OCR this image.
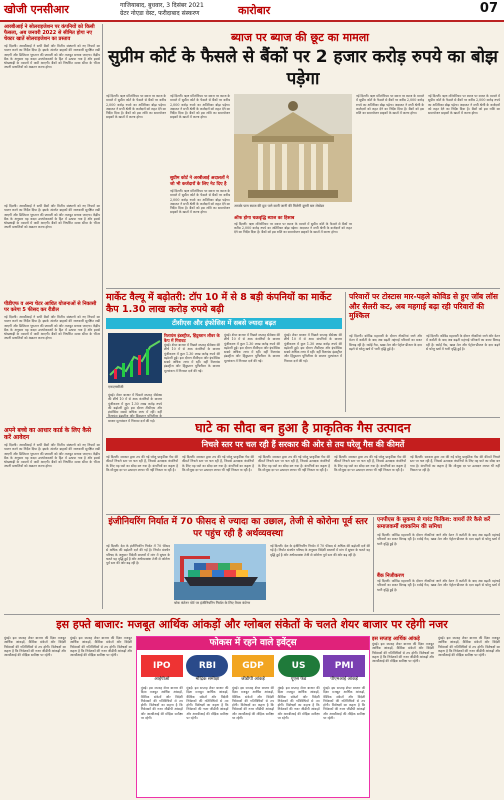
खोजी एनसीआर	गाजियाबाद, बुधवार, 3 दिसंबर 2021
ग्रेटर नोएडा वेस्ट, फरीदाबाद संस्करण	कारोबार	07
आरबीआई ने सोलराइजेशन पर कंपनियों को किसी फैसला, अब जनवरी 2022 से सीमित होगा नए चेक्टर खातें सोलराइजेशन का प्रस्ताव
नई दिल्ली। आरबीआई ने सभी बैंकों और वित्तीय संस्थानों को नए नियमों का पालन करने का निर्देश दिया है। इसके अंतर्गत ग्राहकों की जानकारी सुरक्षित रखी जाएगी और डिजिटल भुगतान की प्रणाली को और मजबूत बनाया जाएगा। केंद्रीय बैंक के अनुसार यह कदम उपभोक्ताओं के हित में उठाया गया है और इससे धोखाधड़ी के मामलों में कमी आएगी। बैंकों को निर्धारित समय सीमा के भीतर अपनी प्रणालियों को अद्यतन करना होगा।
नई दिल्ली। आरबीआई ने सभी बैंकों और वित्तीय संस्थानों को नए नियमों का पालन करने का निर्देश दिया है। इसके अंतर्गत ग्राहकों की जानकारी सुरक्षित रखी जाएगी और डिजिटल भुगतान की प्रणाली को और मजबूत बनाया जाएगा। केंद्रीय बैंक के अनुसार यह कदम उपभोक्ताओं के हित में उठाया गया है और इससे धोखाधड़ी के मामलों में कमी आएगी। बैंकों को निर्धारित समय सीमा के भीतर अपनी प्रणालियों को अद्यतन करना होगा।
पीडीएफ व अन्य चेटर आधित योजनाओं से निकासी पर करेगा 5 फीसद कर रीडील
नई दिल्ली। आरबीआई ने सभी बैंकों और वित्तीय संस्थानों को नए नियमों का पालन करने का निर्देश दिया है। इसके अंतर्गत ग्राहकों की जानकारी सुरक्षित रखी जाएगी और डिजिटल भुगतान की प्रणाली को और मजबूत बनाया जाएगा। केंद्रीय बैंक के अनुसार यह कदम उपभोक्ताओं के हित में उठाया गया है और इससे धोखाधड़ी के मामलों में कमी आएगी। बैंकों को निर्धारित समय सीमा के भीतर अपनी प्रणालियों को अद्यतन करना होगा।
अपने बच्चे का आधार कार्ड के लिए कैसे करें आवेदन
नई दिल्ली। आरबीआई ने सभी बैंकों और वित्तीय संस्थानों को नए नियमों का पालन करने का निर्देश दिया है। इसके अंतर्गत ग्राहकों की जानकारी सुरक्षित रखी जाएगी और डिजिटल भुगतान की प्रणाली को और मजबूत बनाया जाएगा। केंद्रीय बैंक के अनुसार यह कदम उपभोक्ताओं के हित में उठाया गया है और इससे धोखाधड़ी के मामलों में कमी आएगी। बैंकों को निर्धारित समय सीमा के भीतर अपनी प्रणालियों को अद्यतन करना होगा।
ब्याज पर ब्याज की छूट का मामला
सुप्रीम कोर्ट के फैसले से बैंकों पर 2 हजार करोड़ रुपये का बोझ पड़ेगा
नई दिल्ली। ऋण मोरेटोरियम पर ब्याज पर ब्याज के मामले में सुप्रीम कोर्ट के फैसले से बैंकों पर करीब 2,000 करोड़ रुपये का अतिरिक्त बोझ पड़ेगा। अदालत ने सभी श्रेणी के कर्जदारों को राहत देने का निर्देश दिया है। बैंकों को इस राशि का समायोजन ग्राहकों के खातों में करना होगा।
नई दिल्ली। ऋण मोरेटोरियम पर ब्याज पर ब्याज के मामले में सुप्रीम कोर्ट के फैसले से बैंकों पर करीब 2,000 करोड़ रुपये का अतिरिक्त बोझ पड़ेगा। अदालत ने सभी श्रेणी के कर्जदारों को राहत देने का निर्देश दिया है। बैंकों को इस राशि का समायोजन ग्राहकों के खातों में करना होगा।
सुप्रीम कोर्ट ने अरबीआई अदालतों ने जो भी कर्जदारों के लिए नेट दिए है
नई दिल्ली। ऋण मोरेटोरियम पर ब्याज पर ब्याज के मामले में सुप्रीम कोर्ट के फैसले से बैंकों पर करीब 2,000 करोड़ रुपये का अतिरिक्त बोझ पड़ेगा। अदालत ने सभी श्रेणी के कर्जदारों को राहत देने का निर्देश दिया है। बैंकों को इस राशि का समायोजन ग्राहकों के खातों में करना होगा।
आपके पास ब्याज की छूट पाने वाली जानी की मिलेगी दूसरी बार लेबोडर
ऑफ होगा चक्रवृद्धि ब्याज का हिसाब
नई दिल्ली। ऋण मोरेटोरियम पर ब्याज पर ब्याज के मामले में सुप्रीम कोर्ट के फैसले से बैंकों पर करीब 2,000 करोड़ रुपये का अतिरिक्त बोझ पड़ेगा। अदालत ने सभी श्रेणी के कर्जदारों को राहत देने का निर्देश दिया है। बैंकों को इस राशि का समायोजन ग्राहकों के खातों में करना होगा।
नई दिल्ली। ऋण मोरेटोरियम पर ब्याज पर ब्याज के मामले में सुप्रीम कोर्ट के फैसले से बैंकों पर करीब 2,000 करोड़ रुपये का अतिरिक्त बोझ पड़ेगा। अदालत ने सभी श्रेणी के कर्जदारों को राहत देने का निर्देश दिया है। बैंकों को इस राशि का समायोजन ग्राहकों के खातों में करना होगा।
नई दिल्ली। ऋण मोरेटोरियम पर ब्याज पर ब्याज के मामले में सुप्रीम कोर्ट के फैसले से बैंकों पर करीब 2,000 करोड़ रुपये का अतिरिक्त बोझ पड़ेगा। अदालत ने सभी श्रेणी के कर्जदारों को राहत देने का निर्देश दिया है। बैंकों को इस राशि का समायोजन ग्राहकों के खातों में करना होगा।
मार्केट वैल्यू में बढ़ोतरी: टॉप 10 में से 8 बड़ी कंपनियों का मार्केट कैप 1.30 लाख करोड़ रुपये बढ़ी
टीसीएस और इंफोसिस में सबसे ज्यादा बढ़त
रिलायंस इंडस्ट्रीज, हिंदुस्तान लीवर के कैप में गिरावट
मुंबई। शेयर बाजार में पिछले सप्ताह सेंसेक्स की शीर्ष 10 में से आठ कंपनियों के बाजार पूंजीकरण में कुल 1.30 लाख करोड़ रुपये की बढ़ोतरी हुई। इस दौरान टीसीएस और इंफोसिस सबसे अधिक लाभ में रहीं। वहीं रिलायंस इंडस्ट्रीज और हिंदुस्तान यूनिलीवर के बाजार मूल्यांकन में गिरावट दर्ज की गई।
एफएमसीजी
मुंबई। शेयर बाजार में पिछले सप्ताह सेंसेक्स की शीर्ष 10 में से आठ कंपनियों के बाजार पूंजीकरण में कुल 1.30 लाख करोड़ रुपये की बढ़ोतरी हुई। इस दौरान टीसीएस और इंफोसिस सबसे अधिक लाभ में रहीं। वहीं बाजार मूल्यांकन में गिरावट दर्ज की गई।
मुंबई। शेयर बाजार में पिछले सप्ताह सेंसेक्स की शीर्ष 10 में से आठ कंपनियों के बाजार पूंजीकरण में कुल 1.30 लाख करोड़ रुपये की बढ़ोतरी हुई। इस दौरान टीसीएस और इंफोसिस सबसे अधिक लाभ में रहीं। वहीं रिलायंस इंडस्ट्रीज और हिंदुस्तान यूनिलीवर के बाजार मूल्यांकन में गिरावट दर्ज की गई।
मुंबई। शेयर बाजार में पिछले सप्ताह सेंसेक्स की शीर्ष 10 में से आठ कंपनियों के बाजार पूंजीकरण में कुल 1.30 लाख करोड़ रुपये की बढ़ोतरी हुई। इस दौरान टीसीएस और इंफोसिस सबसे अधिक लाभ में रहीं। वहीं रिलायंस इंडस्ट्रीज और हिंदुस्तान यूनिलीवर के बाजार मूल्यांकन में गिरावट दर्ज की गई।
परिवारों पर टोस्टास मार-पहले कोविड से हुए जॉब लॉस और सैलरी कट, अब महगाई बढ़ा रही परिवारों की मुश्किल
नई दिल्ली। कोविड महामारी के दौरान नौकरियां जाने और वेतन में कटौती के बाद अब बढ़ती महंगाई परिवारों का बजट बिगाड़ रही है। रसोई गैस, खाद्य तेल और पेट्रोल-डीजल के दाम बढ़ने से घरेलू खर्च में भारी वृद्धि हुई है।
नई दिल्ली। कोविड महामारी के दौरान नौकरियां जाने और वेतन में कटौती के बाद अब बढ़ती महंगाई परिवारों का बजट बिगाड़ रही है। रसोई गैस, खाद्य तेल और पेट्रोल-डीजल के दाम बढ़ने से घरेलू खर्च में भारी वृद्धि हुई है।
घाटे का सौदा बन हुआ है प्राकृतिक गैस उत्पादन
निचले स्तर पर चल रही हैं सरकार की ओर से तय घरेलू गैस की कीमतें
नई दिल्ली। सरकार द्वारा तय की गई घरेलू प्राकृतिक गैस की कीमतें निचले स्तर पर चल रही हैं, जिससे उत्पादक कंपनियों के लिए यह घाटे का सौदा बन गया है। कंपनियों का कहना है कि मौजूदा दर पर उत्पादन लागत भी नहीं निकल पा रही है।
नई दिल्ली। सरकार द्वारा तय की गई घरेलू प्राकृतिक गैस की कीमतें निचले स्तर पर चल रही हैं, जिससे उत्पादक कंपनियों के लिए यह घाटे का सौदा बन गया है। कंपनियों का कहना है कि मौजूदा दर पर उत्पादन लागत भी नहीं निकल पा रही है।
नई दिल्ली। सरकार द्वारा तय की गई घरेलू प्राकृतिक गैस की कीमतें निचले स्तर पर चल रही हैं, जिससे उत्पादक कंपनियों के लिए यह घाटे का सौदा बन गया है। कंपनियों का कहना है कि मौजूदा दर पर उत्पादन लागत भी नहीं निकल पा रही है।
नई दिल्ली। सरकार द्वारा तय की गई घरेलू प्राकृतिक गैस की कीमतें निचले स्तर पर चल रही हैं, जिससे उत्पादक कंपनियों के लिए यह घाटे का सौदा बन गया है। कंपनियों का कहना है कि मौजूदा दर पर उत्पादन लागत भी नहीं निकल पा रही है।
नई दिल्ली। सरकार द्वारा तय की गई घरेलू प्राकृतिक गैस की कीमतें निचले स्तर पर चल रही हैं, जिससे उत्पादक कंपनियों के लिए यह घाटे का सौदा बन गया है। कंपनियों का कहना है कि मौजूदा दर पर उत्पादन लागत भी नहीं निकल पा रही है।
इंजीनियरिंग निर्यात में 70 फीसद से ज्यादा का उछाल, तेजी से कोरोना पूर्व स्तर पर पहुंच रही है अर्थव्यवस्था
नई दिल्ली। देश के इंजीनियरिंग निर्यात में 70 फीसद से अधिक की बढ़ोतरी दर्ज की गई है। निर्यात संवर्धन परिषद के अनुसार विदेशी बाजारों में मांग में सुधार के चलते यह वृद्धि हुई है और अर्थव्यवस्था तेजी से कोरोना पूर्व स्तर की ओर बढ़ रही है।
थोक कंटेनर पोर्ट पर इंजीनियरिंग निर्यात के लिए तैयार कंटेनर
नई दिल्ली। देश के इंजीनियरिंग निर्यात में 70 फीसद से अधिक की बढ़ोतरी दर्ज की गई है। निर्यात संवर्धन परिषद के अनुसार विदेशी बाजारों में मांग में सुधार के चलते यह वृद्धि हुई है और अर्थव्यवस्था तेजी से कोरोना पूर्व स्तर की ओर बढ़ रही है।
एनपीएस के सुकमा से गारंट फिकिश: वायरों तेरे कैसे करें समाजकर्मी शवकनिम की समिधा
नई दिल्ली। कोविड महामारी के दौरान नौकरियां जाने और वेतन में कटौती के बाद अब बढ़ती महंगाई परिवारों का बजट बिगाड़ रही है। रसोई गैस, खाद्य तेल और पेट्रोल-डीजल के दाम बढ़ने से घरेलू खर्च में भारी वृद्धि हुई है।
बैंक निजीकरण
नई दिल्ली। कोविड महामारी के दौरान नौकरियां जाने और वेतन में कटौती के बाद अब बढ़ती महंगाई परिवारों का बजट बिगाड़ रही है। रसोई गैस, खाद्य तेल और पेट्रोल-डीजल के दाम बढ़ने से घरेलू खर्च में भारी वृद्धि हुई है।
इस हफ्ते बाजार: मजबूत आर्थिक आंकड़ों और ग्लोबल संकेतों के चलते शेयर बाजार पर रहेगी नजर
मुंबई। इस सप्ताह शेयर बाजार की दिशा मजबूत आर्थिक आंकड़ों, वैश्विक संकेतों और विदेशी निवेशकों की गतिविधियों से तय होगी। विशेषज्ञों का कहना है कि निवेशकों की नजर जीडीपी आंकड़ों और आरबीआई की मौद्रिक समीक्षा पर रहेगी।
मुंबई। इस सप्ताह शेयर बाजार की दिशा मजबूत आर्थिक आंकड़ों, वैश्विक संकेतों और विदेशी निवेशकों की गतिविधियों से तय होगी। विशेषज्ञों का कहना है कि निवेशकों की नजर जीडीपी आंकड़ों और आरबीआई की मौद्रिक समीक्षा पर रहेगी।
फोकस में रहने वाले इवेंट्स
IPO
आईपीओ
RBI
मौद्रिक समीक्षा
GDP
जीडीपी आंकड़े
US
यूएस फेड
PMI
पीएमआई आंकड़े
मुंबई। इस सप्ताह शेयर बाजार की दिशा मजबूत आर्थिक आंकड़ों, वैश्विक संकेतों और विदेशी निवेशकों की गतिविधियों से तय होगी। विशेषज्ञों का कहना है कि निवेशकों की नजर जीडीपी आंकड़ों और आरबीआई की मौद्रिक समीक्षा पर रहेगी।
मुंबई। इस सप्ताह शेयर बाजार की दिशा मजबूत आर्थिक आंकड़ों, वैश्विक संकेतों और विदेशी निवेशकों की गतिविधियों से तय होगी। विशेषज्ञों का कहना है कि निवेशकों की नजर जीडीपी आंकड़ों और आरबीआई की मौद्रिक समीक्षा पर रहेगी।
मुंबई। इस सप्ताह शेयर बाजार की दिशा मजबूत आर्थिक आंकड़ों, वैश्विक संकेतों और विदेशी निवेशकों की गतिविधियों से तय होगी। विशेषज्ञों का कहना है कि निवेशकों की नजर जीडीपी आंकड़ों और आरबीआई की मौद्रिक समीक्षा पर रहेगी।
मुंबई। इस सप्ताह शेयर बाजार की दिशा मजबूत आर्थिक आंकड़ों, वैश्विक संकेतों और विदेशी निवेशकों की गतिविधियों से तय होगी। विशेषज्ञों का कहना है कि निवेशकों की नजर जीडीपी आंकड़ों और आरबीआई की मौद्रिक समीक्षा पर रहेगी।
मुंबई। इस सप्ताह शेयर बाजार की दिशा मजबूत आर्थिक आंकड़ों, वैश्विक संकेतों और विदेशी निवेशकों की गतिविधियों से तय होगी। विशेषज्ञों का कहना है कि निवेशकों की नजर जीडीपी आंकड़ों और आरबीआई की मौद्रिक समीक्षा पर रहेगी।
इस सप्ताह आर्थिक आंकड़े
मुंबई। इस सप्ताह शेयर बाजार की दिशा मजबूत आर्थिक आंकड़ों, वैश्विक संकेतों और विदेशी निवेशकों की गतिविधियों से तय होगी। विशेषज्ञों का कहना है कि निवेशकों की नजर जीडीपी आंकड़ों और आरबीआई की मौद्रिक समीक्षा पर रहेगी।
मुंबई। इस सप्ताह शेयर बाजार की दिशा मजबूत आर्थिक आंकड़ों, वैश्विक संकेतों और विदेशी निवेशकों की गतिविधियों से तय होगी। विशेषज्ञों का कहना है कि निवेशकों की नजर जीडीपी आंकड़ों और आरबीआई की मौद्रिक समीक्षा पर रहेगी।
